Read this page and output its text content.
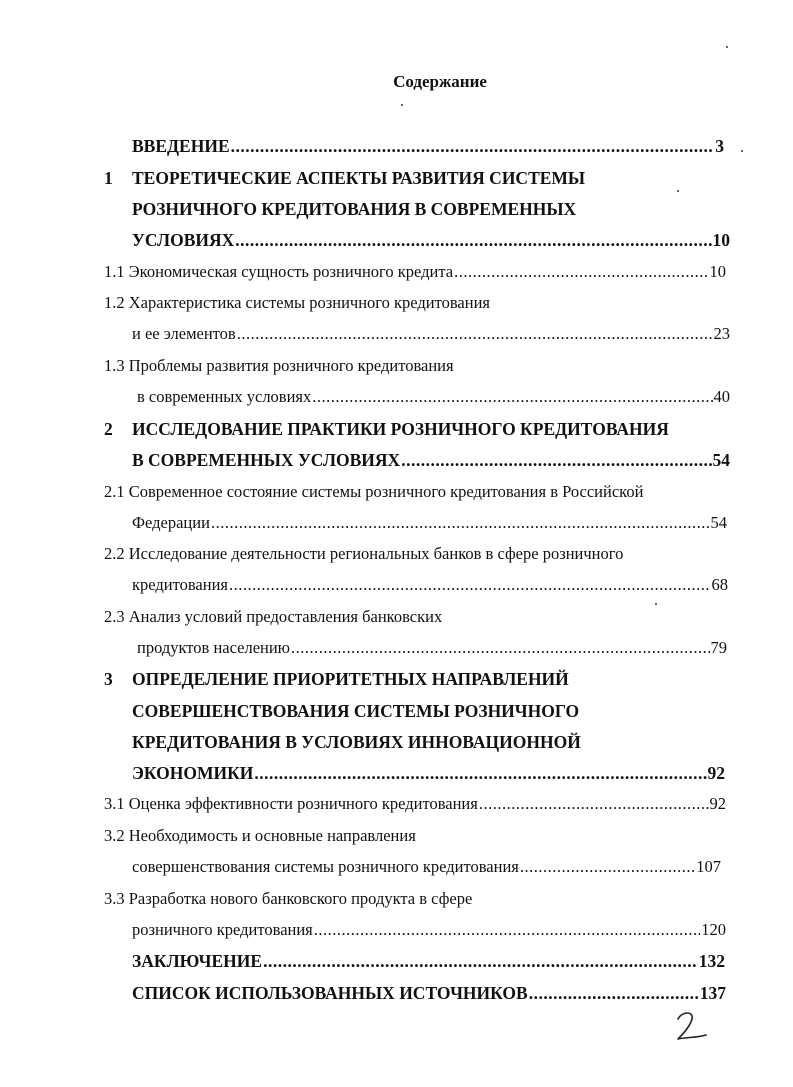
Содержание
ВВЕДЕНИЕ .....	3
1 ТЕОРЕТИЧЕСКИЕ АСПЕКТЫ РАЗВИТИЯ СИСТЕМЫ
РОЗНИЧНОГО КРЕДИТОВАНИЯ В СОВРЕМЕННЫХ
УСЛОВИЯХ .....	10
1.1 Экономическая сущность розничного кредита .....	10
1.2 Характеристика системы розничного кредитования
и ее элементов .....	23
1.3 Проблемы развития розничного кредитования
в современных условиях .....	40
2 ИССЛЕДОВАНИЕ ПРАКТИКИ РОЗНИЧНОГО КРЕДИТОВАНИЯ
В СОВРЕМЕННЫХ УСЛОВИЯХ .....	54
2.1 Современное состояние системы розничного кредитования в Российской
Федерации .....	54
2.2 Исследование деятельности региональных банков в сфере розничного
кредитования .....	68
2.3 Анализ условий предоставления банковских
продуктов населению .....	79
3 ОПРЕДЕЛЕНИЕ ПРИОРИТЕТНЫХ НАПРАВЛЕНИЙ
СОВЕРШЕНСТВОВАНИЯ СИСТЕМЫ РОЗНИЧНОГО
КРЕДИТОВАНИЯ В УСЛОВИЯХ ИННОВАЦИОННОЙ
ЭКОНОМИКИ .....	92
3.1 Оценка эффективности розничного кредитования .....	92
3.2 Необходимость и основные направления
совершенствования системы розничного кредитования .....	107
3.3 Разработка нового банковского продукта в сфере
розничного кредитования .....	120
ЗАКЛЮЧЕНИЕ .....	132
СПИСОК ИСПОЛЬЗОВАННЫХ ИСТОЧНИКОВ .....	137
